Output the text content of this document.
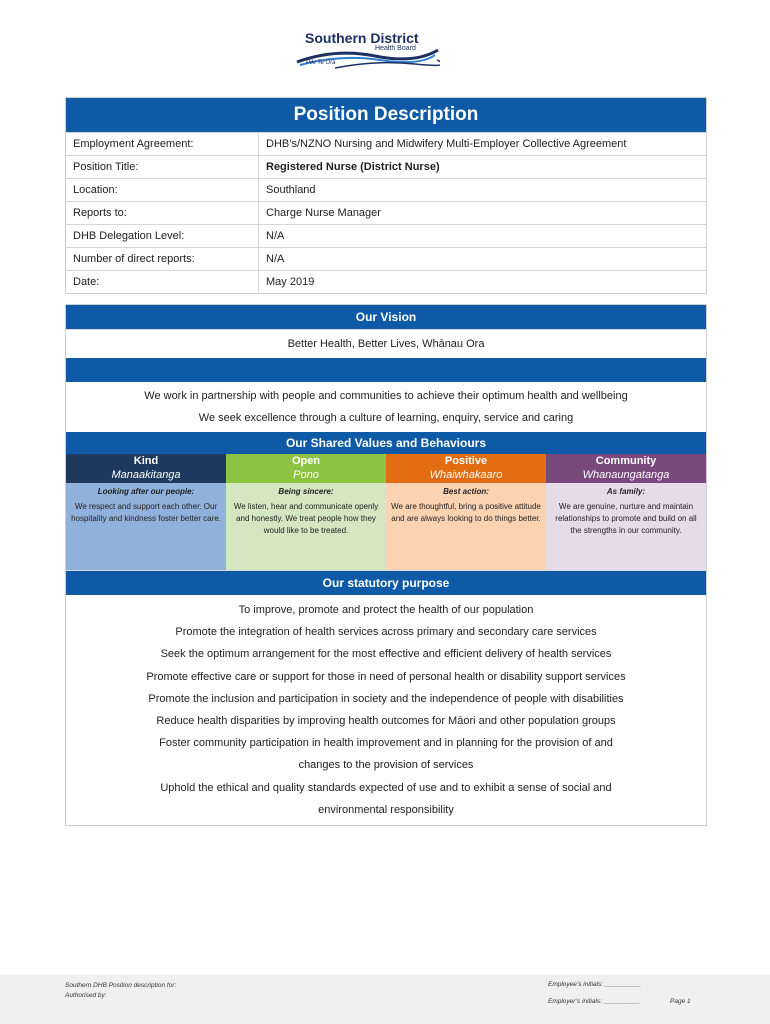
Southern District
Health Board
Piki Te Ora
Position Description
Employment Agreement:	DHB’s/NZNO Nursing and Midwifery Multi-Employer Collective Agreement
Position Title:	Registered Nurse (District Nurse)
Location:	Southland
Reports to:	Charge Nurse Manager
DHB Delegation Level:	N/A
Number of direct reports:	N/A
Date:	May 2019
Our Vision
Better Health, Better Lives, Whānau Ora
We work in partnership with people and communities to achieve their optimum health and wellbeing
We seek excellence through a culture of learning, enquiry, service and caring
Our Shared Values and Behaviours
Kind
Manaakitanga
Looking after our people:
We respect and support each other. Our hospitality and kindness foster better care.
Open
Pono
Being sincere:
We listen, hear and communicate openly and honestly. We treat people how they would like to be treated.
Positive
Whaiwhakaaro
Best action:
We are thoughtful, bring a positive attitude and are always looking to do things better.
Community
Whanaungatanga
As family:
We are genuine, nurture and maintain relationships to promote and build on all the strengths in our community.
Our statutory purpose
To improve, promote and protect the health of our population
Promote the integration of health services across primary and secondary care services
Seek the optimum arrangement for the most effective and efficient delivery of health services
Promote effective care or support for those in need of personal health or disability support services
Promote the inclusion and participation in society and the independence of people with disabilities
Reduce health disparities by improving health outcomes for Māori and other population groups
Foster community participation in health improvement and in planning for the provision of and
changes to the provision of services
Uphold the ethical and quality standards expected of use and to exhibit a sense of social and
environmental responsibility
Southern DHB Position description for:
Authorised by:
Employee’s initials: __________
Employer’s initials: __________	Page 1
